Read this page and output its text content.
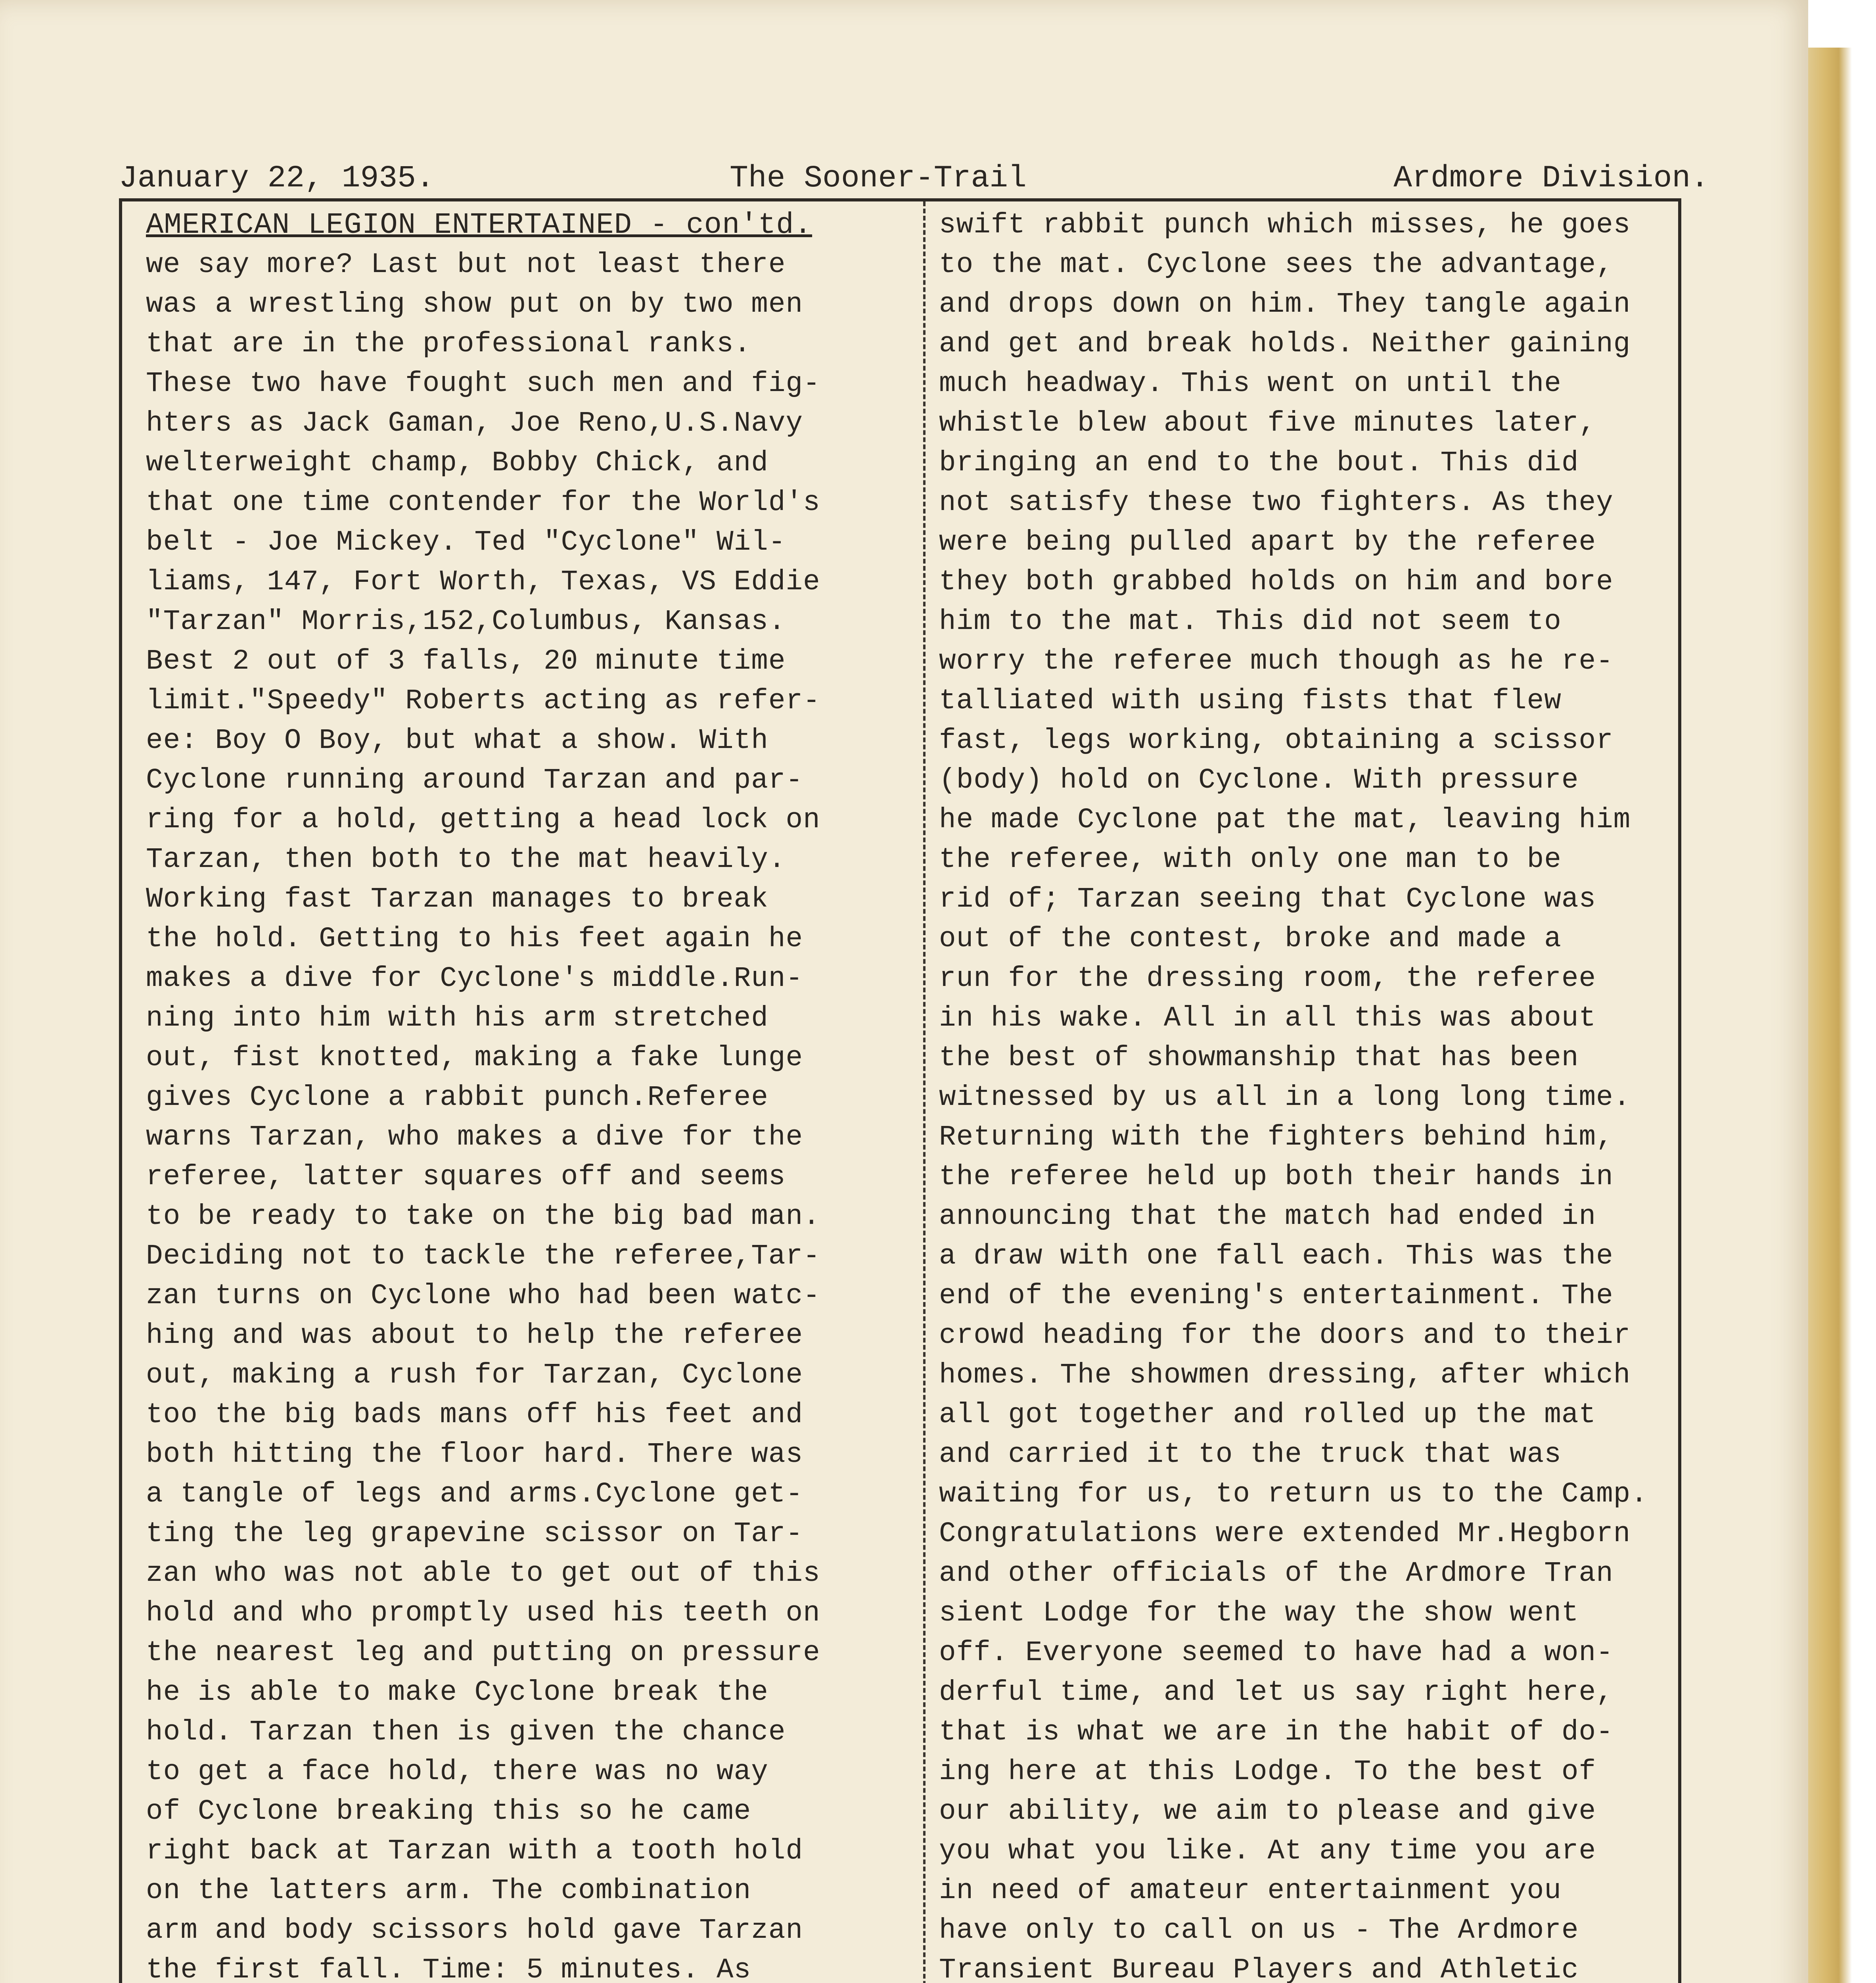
January 22, 1935.	The Sooner-Trail	Ardmore Division.
AMERICAN LEGION ENTERTAINED - con'td.
we say more? Last but not least there
was a wrestling show put on by two men
that are in the professional ranks.
These two have fought such men and fig-
hters as Jack Gaman, Joe Reno,U.S.Navy
welterweight champ, Bobby Chick, and
that one time contender for the World's
belt - Joe Mickey. Ted "Cyclone" Wil-
liams, 147, Fort Worth, Texas, VS Eddie
"Tarzan" Morris,152,Columbus, Kansas.
Best 2 out of 3 falls, 20 minute time
limit."Speedy" Roberts acting as refer-
ee: Boy O Boy, but what a show. With
Cyclone running around Tarzan and par-
ring for a hold, getting a head lock on
Tarzan, then both to the mat heavily.
Working fast Tarzan manages to break
the hold. Getting to his feet again he
makes a dive for Cyclone's middle.Run-
ning into him with his arm stretched
out, fist knotted, making a fake lunge
gives Cyclone a rabbit punch.Referee
warns Tarzan, who makes a dive for the
referee, latter squares off and seems
to be ready to take on the big bad man.
Deciding not to tackle the referee,Tar-
zan turns on Cyclone who had been watc-
hing and was about to help the referee
out, making a rush for Tarzan, Cyclone
too the big bads mans off his feet and
both hitting the floor hard. There was
a tangle of legs and arms.Cyclone get-
ting the leg grapevine scissor on Tar-
zan who was not able to get out of this
hold and who promptly used his teeth on
the nearest leg and putting on pressure
he is able to make Cyclone break the
hold. Tarzan then is given the chance
to get a face hold, there was no way
of Cyclone breaking this so he came
right back at Tarzan with a tooth hold
on the latters arm. The combination
arm and body scissors hold gave Tarzan
the first fall. Time: 5 minutes. As
swift rabbit punch which misses, he goes
to the mat. Cyclone sees the advantage,
and drops down on him. They tangle again
and get and break holds. Neither gaining
much headway. This went on until the
whistle blew about five minutes later,
bringing an end to the bout. This did
not satisfy these two fighters. As they
were being pulled apart by the referee
they both grabbed holds on him and bore
him to the mat. This did not seem to
worry the referee much though as he re-
talliated with using fists that flew
fast, legs working, obtaining a scissor
(body) hold on Cyclone. With pressure
he made Cyclone pat the mat, leaving him
the referee, with only one man to be
rid of; Tarzan seeing that Cyclone was
out of the contest, broke and made a
run for the dressing room, the referee
in his wake. All in all this was about
the best of showmanship that has been
witnessed by us all in a long long time.
Returning with the fighters behind him,
the referee held up both their hands in
announcing that the match had ended in
a draw with one fall each. This was the
end of the evening's entertainment. The
crowd heading for the doors and to their
homes. The showmen dressing, after which
all got together and rolled up the mat
and carried it to the truck that was
waiting for us, to return us to the Camp.
Congratulations were extended Mr.Hegborn
and other officials of the Ardmore Tran
sient Lodge for the way the show went
off. Everyone seemed to have had a won-
derful time, and let us say right here,
that is what we are in the habit of do-
ing here at this Lodge. To the best of
our ability, we aim to please and give
you what you like. At any time you are
in need of amateur entertainment you
have only to call on us - The Ardmore
Transient Bureau Players and Athletic
